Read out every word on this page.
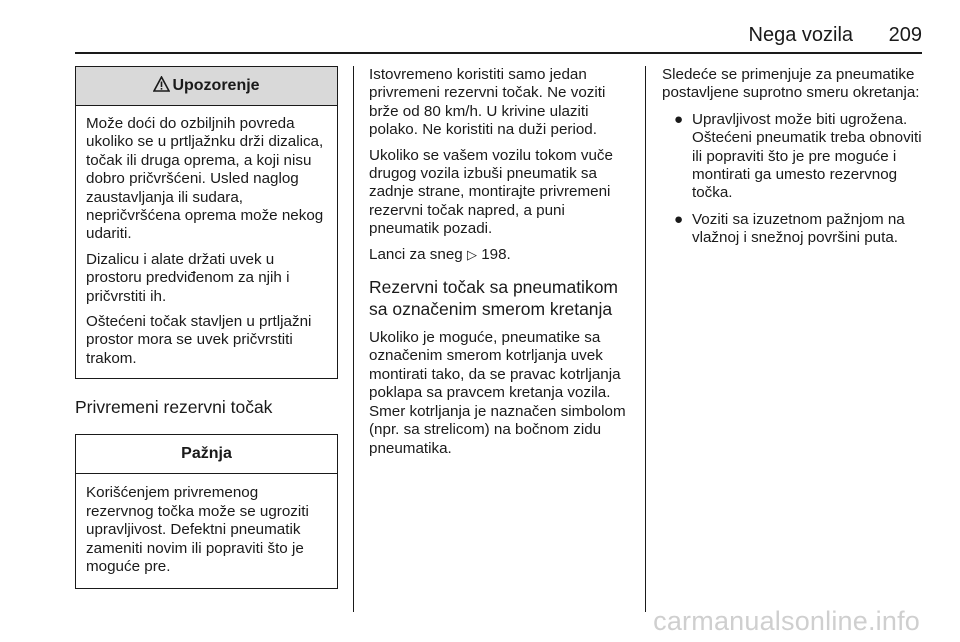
Nega vozila 209
Upozorenje

Može doći do ozbiljnih povreda ukoliko se u prtljažnku drži dizalica, točak ili druga oprema, a koji nisu dobro pričvršćeni. Usled naglog zaustavljanja ili sudara, nepričvršćena oprema može nekog udariti.

Dizalicu i alate držati uvek u prostoru predviđenom za njih i pričvrstiti ih.

Oštećeni točak stavljen u prtljažni prostor mora se uvek pričvrstiti trakom.

Privremeni rezervni točak
Pažnja

Korišćenjem privremenog rezervnog točka može se ugroziti upravljivost. Defektni pneumatik zameniti novim ili popraviti što je moguće pre.

Istovremeno koristiti samo jedan privremeni rezervni točak. Ne voziti brže od 80 km/h. U krivine ulaziti polako. Ne koristiti na duži period.

Ukoliko se vašem vozilu tokom vuče drugog vozila izbuši pneumatik sa zadnje strane, montirajte privremeni rezervni točak napred, a puni pneumatik pozadi.

Lanci za sneg ▷ 198.

Rezervni točak sa pneumatikom sa označenim smerom kretanja

Ukoliko je moguće, pneumatike sa označenim smerom kotrljanja uvek montirati tako, da se pravac kotrljanja poklapa sa pravcem kretanja vozila. Smer kotrljanja je naznačen simbolom (npr. sa strelicom) na bočnom zidu pneumatika.

Sledeće se primenjuje za pneumatike postavljene suprotno smeru okretanja:

● Upravljivost može biti ugrožena. Oštećeni pneumatik treba obnoviti ili popraviti što je pre moguće i montirati ga umesto rezervnog točka.
● Voziti sa izuzetnom pažnjom na vlažnoj i snežnoj površini puta.
carmanualsonline.info
